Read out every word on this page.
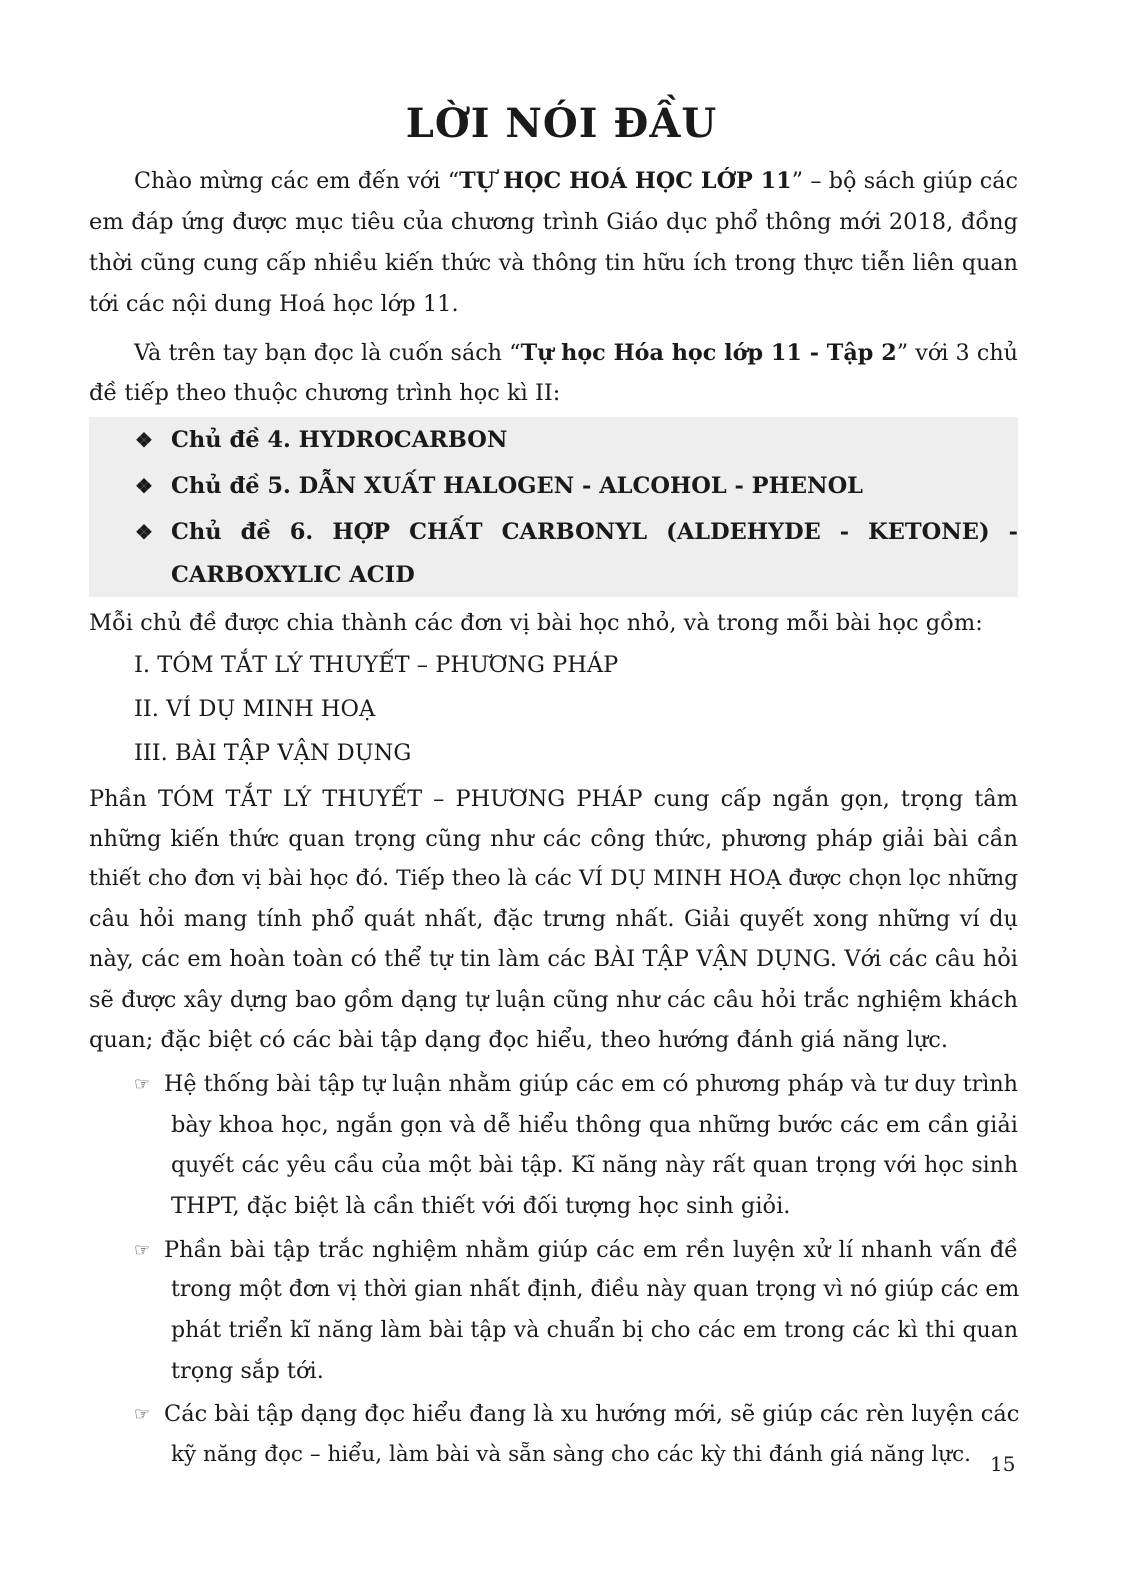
LỜI NÓI ĐẦU
Chào mừng các em đến với “TỰ HỌC HOÁ HỌC LỚP 11” – bộ sách giúp các
em đáp ứng được mục tiêu của chương trình Giáo dục phổ thông mới 2018, đồng
thời cũng cung cấp nhiều kiến thức và thông tin hữu ích trong thực tiễn liên quan
tới các nội dung Hoá học lớp 11.
Và trên tay bạn đọc là cuốn sách “Tự học Hóa học lớp 11 - Tập 2” với 3 chủ
đề tiếp theo thuộc chương trình học kì II:
❖ Chủ đề 4. HYDROCARBON
❖ Chủ đề 5. DẪN XUẤT HALOGEN - ALCOHOL - PHENOL
❖ Chủ đề 6. HỢP CHẤT CARBONYL (ALDEHYDE - KETONE) -
CARBOXYLIC ACID
Mỗi chủ đề được chia thành các đơn vị bài học nhỏ, và trong mỗi bài học gồm:
I. TÓM TẮT LÝ THUYẾT – PHƯƠNG PHÁP
II. VÍ DỤ MINH HOẠ
III. BÀI TẬP VẬN DỤNG
Phần TÓM TẮT LÝ THUYẾT – PHƯƠNG PHÁP cung cấp ngắn gọn, trọng tâm
những kiến thức quan trọng cũng như các công thức, phương pháp giải bài cần
thiết cho đơn vị bài học đó. Tiếp theo là các VÍ DỤ MINH HOẠ được chọn lọc những
câu hỏi mang tính phổ quát nhất, đặc trưng nhất. Giải quyết xong những ví dụ
này, các em hoàn toàn có thể tự tin làm các BÀI TẬP VẬN DỤNG. Với các câu hỏi
sẽ được xây dựng bao gồm dạng tự luận cũng như các câu hỏi trắc nghiệm khách
quan; đặc biệt có các bài tập dạng đọc hiểu, theo hướng đánh giá năng lực.
☞ Hệ thống bài tập tự luận nhằm giúp các em có phương pháp và tư duy trình
bày khoa học, ngắn gọn và dễ hiểu thông qua những bước các em cần giải
quyết các yêu cầu của một bài tập. Kĩ năng này rất quan trọng với học sinh
THPT, đặc biệt là cần thiết với đối tượng học sinh giỏi.
☞ Phần bài tập trắc nghiệm nhằm giúp các em rền luyện xử lí nhanh vấn đề
trong một đơn vị thời gian nhất định, điều này quan trọng vì nó giúp các em
phát triển kĩ năng làm bài tập và chuẩn bị cho các em trong các kì thi quan
trọng sắp tới.
☞ Các bài tập dạng đọc hiểu đang là xu hướng mới, sẽ giúp các rèn luyện các
kỹ năng đọc – hiểu, làm bài và sẵn sàng cho các kỳ thi đánh giá năng lực. 15
